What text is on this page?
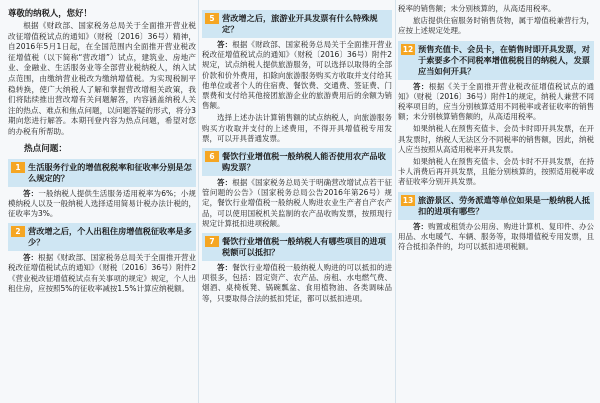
尊敬的纳税人，您好！

根据《财政部、国家税务总局关于全面推开营业税改征增值税试点的通知》（财税〔2016〕36号）精神，自2016年5月1日起，在全国范围内全面推开营业税改征增值税（以下简称“营改增”）试点，建筑业、房地产业、金融业、生活服务业等全部营业税纳税人，纳入试点范围，由缴纳营业税改为缴纳增值税。为实现税制平稳转换，使广大纳税人了解和掌握营改增相关政策，我们将陆续推出营改增有关问题解答，内容涵盖纳税人关注的热点、难点和焦点问题，以问题答疑的形式，将分3期向您进行解答。本期刊登内容为热点问题，希望对您的办税有所帮助。

热点问题：
1 生活服务行业的增值税税率和征收率分别是怎么规定的？

答：一般纳税人提供生活服务适用税率为6%；小规模纳税人以及一般纳税人选择适用简易计税办法计税的，征收率为3%。

2 营改增之后，个人出租住房增值税征收率是多少？

答：根据《财政部、国家税务总局关于全面推开营业税改征增值税试点的通知》（财税〔2016〕36号）附件2《营业税改征增值税试点有关事项的规定》规定，个人出租住房，应按照5%的征收率减按1.5%计算应纳税额。

5 营改增之后，旅游业开具发票有什么特殊规定？

答：根据《财政部、国家税务总局关于全面推开营业税改征增值税试点的通知》（财税〔2016〕36号）附件2规定，试点纳税人提供旅游服务，可以选择以取得的全部价款和价外费用，扣除向旅游服务购买方收取并支付给其他单位或者个人的住宿费、餐饮费、交通费、签证费、门票费和支付给其他接团旅游企业的旅游费用后的余额为销售额。

选择上述办法计算销售额的试点纳税人，向旅游服务购买方收取并支付的上述费用，不得开具增值税专用发票，可以开具普通发票。

6 餐饮行业增值税一般纳税人能否使用农产品收购发票？

答：根据《国家税务总局关于明确营改增试点若干征管问题的公告》（国家税务总局公告2016年第26号）规定，餐饮行业增值税一般纳税人购进农业生产者自产农产品，可以使用国税机关监制的农产品收购发票，按照现行规定计算抵扣进项税额。

7 餐饮行业增值税一般纳税人有哪些项目的进项税额可以抵扣？

答：餐饮行业增值税一般纳税人购进的可以抵扣的进项很多，包括：固定资产、农产品、房租、水电燃气费、烟酒、桌椅板凳、锅碗瓢盆、食用植物油、各类调味品等，只要取得合法的抵扣凭证，都可以抵扣进项。

税率的销售额；未分别核算的，从高适用税率。

旅店提供住宿服务时销售货物，属于增值税兼营行为，应按上述规定处理。

12 预售充值卡、会员卡，在销售时即开具发票，对于索要多个不同税率增值税税目的纳税人，发票应当如何开具？

答：根据《关于全面推开营业税改征增值税试点的通知》（财税〔2016〕36号）附件1的规定，纳税人兼营不同税率项目的，应当分别核算适用不同税率或者征收率的销售额；未分别核算销售额的，从高适用税率。

如果纳税人在预售充值卡、会员卡时即开具发票，在开具发票时，纳税人无法区分不同税率的销售额，因此，纳税人应当按照从高适用税率开具发票。

如果纳税人在预售充值卡、会员卡时不开具发票，在持卡人消费后再开具发票，且能分别核算的，按照适用税率或者征收率分别开具发票。

13 旅游景区、劳务派遣等单位如果是一般纳税人抵扣的进项有哪些？

答：购置或租赁办公用房、购进计算机、复印件、办公用品、水电暖气、车辆、服务等，取得增值税专用发票，且符合抵扣条件的，均可以抵扣进项税额。
